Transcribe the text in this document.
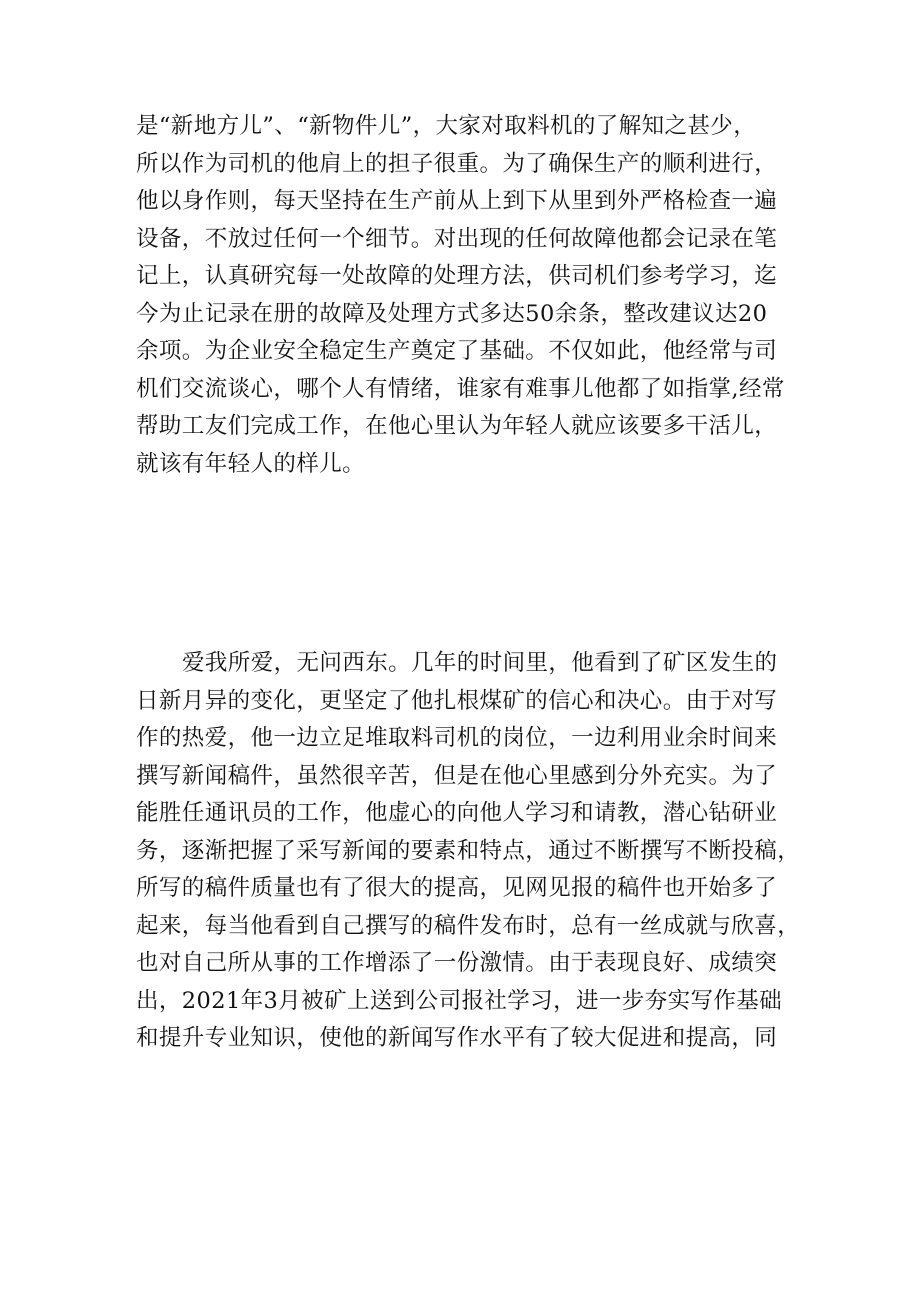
是“新地方儿”、“新物件儿”，大家对取料机的了解知之甚少，
所以作为司机的他肩上的担子很重。为了确保生产的顺利进行，
他以身作则，每天坚持在生产前从上到下从里到外严格检查一遍
设备，不放过任何一个细节。对出现的任何故障他都会记录在笔
记上，认真研究每一处故障的处理方法，供司机们参考学习，迄
今为止记录在册的故障及处理方式多达50余条，整改建议达20
余项。为企业安全稳定生产奠定了基础。不仅如此，他经常与司
机们交流谈心，哪个人有情绪，谁家有难事儿他都了如指掌,经常
帮助工友们完成工作，在他心里认为年轻人就应该要多干活儿，
就该有年轻人的样儿。

爱我所爱，无问西东。几年的时间里，他看到了矿区发生的
日新月异的变化，更坚定了他扎根煤矿的信心和决心。由于对写
作的热爱，他一边立足堆取料司机的岗位，一边利用业余时间来
撰写新闻稿件，虽然很辛苦，但是在他心里感到分外充实。为了
能胜任通讯员的工作，他虚心的向他人学习和请教，潜心钻研业
务，逐渐把握了采写新闻的要素和特点，通过不断撰写不断投稿，
所写的稿件质量也有了很大的提高，见网见报的稿件也开始多了
起来，每当他看到自己撰写的稿件发布时，总有一丝成就与欣喜，
也对自己所从事的工作增添了一份激情。由于表现良好、成绩突
出，2021年3月被矿上送到公司报社学习，进一步夯实写作基础
和提升专业知识，使他的新闻写作水平有了较大促进和提高，同
